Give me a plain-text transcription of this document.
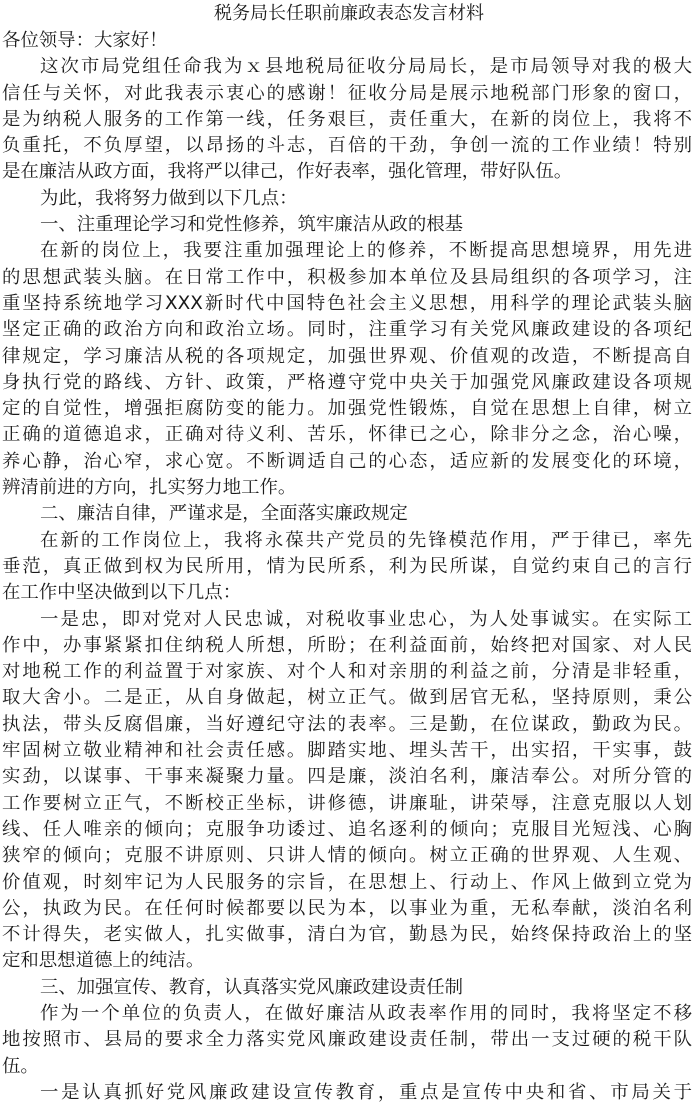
税务局长任职前廉政表态发言材料
各位领导：大家好！
这次市局党组任命我为ｘ县地税局征收分局局长，是市局领导对我的极大
信任与关怀，对此我表示衷心的感谢！征收分局是展示地税部门形象的窗口，
是为纳税人服务的工作第一线，任务艰巨，责任重大，在新的岗位上，我将不
负重托，不负厚望，以昂扬的斗志，百倍的干劲，争创一流的工作业绩！特别
是在廉洁从政方面，我将严以律己，作好表率，强化管理，带好队伍。
为此，我将努力做到以下几点：
一、注重理论学习和党性修养，筑牢廉洁从政的根基
在新的岗位上，我要注重加强理论上的修养，不断提高思想境界，用先进
的思想武装头脑。在日常工作中，积极参加本单位及县局组织的各项学习，注
重坚持系统地学习XXX新时代中国特色社会主义思想，用科学的理论武装头脑
坚定正确的政治方向和政治立场。同时，注重学习有关党风廉政建设的各项纪
律规定，学习廉洁从税的各项规定，加强世界观、价值观的改造，不断提高自
身执行党的路线、方针、政策，严格遵守党中央关于加强党风廉政建设各项规
定的自觉性，增强拒腐防变的能力。加强党性锻炼，自觉在思想上自律，树立
正确的道德追求，正确对待义利、苦乐，怀律已之心，除非分之念，治心噪，
养心静，治心窄，求心宽。不断调适自己的心态，适应新的发展变化的环境，
辨清前进的方向，扎实努力地工作。
二、廉洁自律，严谨求是，全面落实廉政规定
在新的工作岗位上，我将永葆共产党员的先锋模范作用，严于律已，率先
垂范，真正做到权为民所用，情为民所系，利为民所谋，自觉约束自己的言行
在工作中坚决做到以下几点：
一是忠，即对党对人民忠诚，对税收事业忠心，为人处事诚实。在实际工
作中，办事紧紧扣住纳税人所想，所盼；在利益面前，始终把对国家、对人民
对地税工作的利益置于对家族、对个人和对亲朋的利益之前，分清是非轻重，
取大舍小。二是正，从自身做起，树立正气。做到居官无私，坚持原则，秉公
执法，带头反腐倡廉，当好遵纪守法的表率。三是勤，在位谋政，勤政为民。
牢固树立敬业精神和社会责任感。脚踏实地、埋头苦干，出实招，干实事，鼓
实劲，以谋事、干事来凝聚力量。四是廉，淡泊名利，廉洁奉公。对所分管的
工作要树立正气，不断校正坐标，讲修德，讲廉耻，讲荣辱，注意克服以人划
线、任人唯亲的倾向；克服争功诿过、追名逐利的倾向；克服目光短浅、心胸
狭窄的倾向；克服不讲原则、只讲人情的倾向。树立正确的世界观、人生观、
价值观，时刻牢记为人民服务的宗旨，在思想上、行动上、作风上做到立党为
公，执政为民。在任何时候都要以民为本，以事业为重，无私奉献，淡泊名利
不计得失，老实做人，扎实做事，清白为官，勤恳为民，始终保持政治上的坚
定和思想道德上的纯洁。
三、加强宣传、教育，认真落实党风廉政建设责任制
作为一个单位的负责人，在做好廉洁从政表率作用的同时，我将坚定不移
地按照市、县局的要求全力落实党风廉政建设责任制，带出一支过硬的税干队
伍。
一是认真抓好党风廉政建设宣传教育，重点是宣传中央和省、市局关于
